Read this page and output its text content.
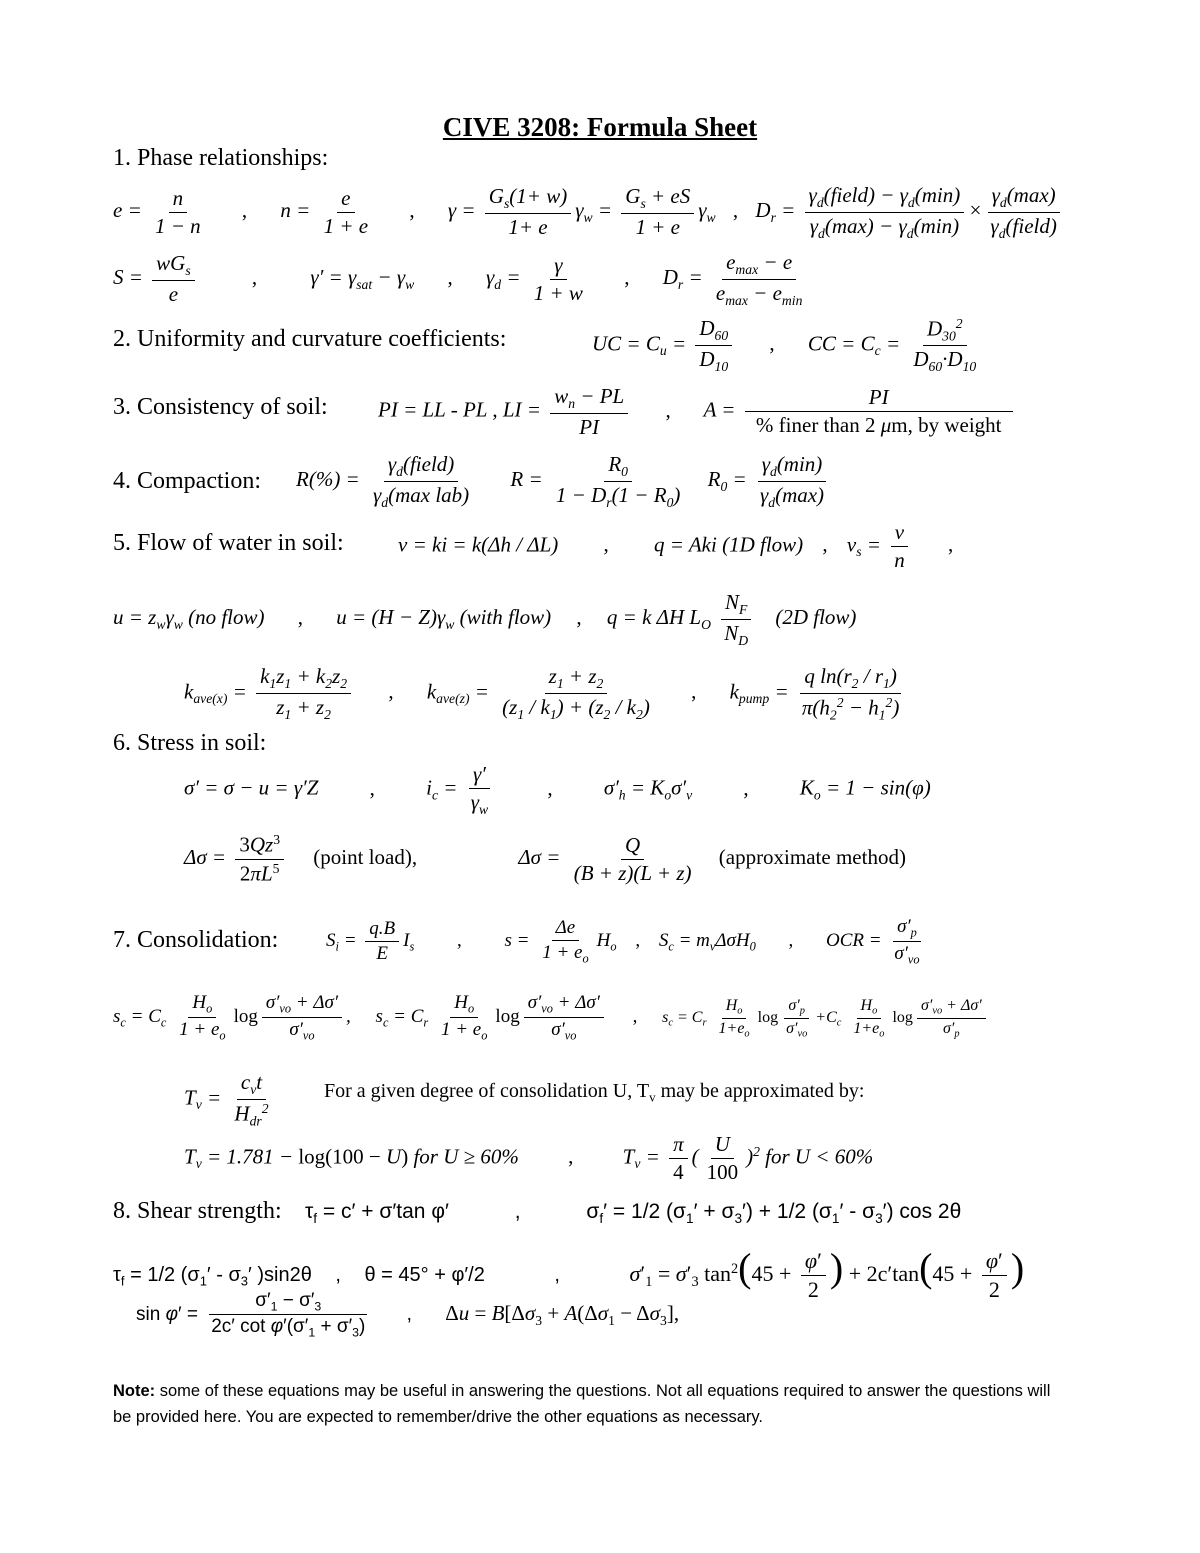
CIVE 3208: Formula Sheet
1. Phase relationships:
$e = \frac{n}{1 - n}$ , $n = \frac{e}{1 + e}$ , $\gamma = \frac{G_s(1+ w)}{1+ e} \gamma_w = \frac{G_s + eS}{1 + e} \gamma_w$ , $D_r = \frac{\gamma_d(field) - \gamma_d(\min)}{\gamma_d(\max) - \gamma_d(\min)} \times \frac{\gamma_d(\max)}{\gamma_d(field)}$
$S = \frac{wG_s}{e}$	, $\gamma' = \gamma_{sat} - \gamma_w$ , $\gamma_d = \frac{\gamma}{1 + w}$ , $D_r = \frac{e_{max} - e}{e_{max} - e_{min}}$
2. Uniformity and curvature coefficients:	UC = $C_u = \frac{D_{60}}{D_{10}}$ , CC = $C_c = \frac{D_{30}^2}{D_{60}\cdot D_{10}}$
3. Consistency of soil: PI = LL - PL , LI = $\frac{w_n - PL}{PI}$ , $A = \frac{PI}{\text{\% finer than 2 μm, by weight}}$
4. Compaction: $R(\%) = \frac{\gamma_d(field)}{\gamma_d(\max lab)}$ $R = \frac{R_0}{1 - D_r(1 - R_0)} R_0 = \frac{\gamma_d(\min)}{\gamma_d(\max)}$
5. Flow of water in soil:	v = ki = k(Δh / ΔL) , q = Aki (1D flow) , $v_s = \frac{v}{n}$ ,
$u = z_w\gamma_w$ (no flow) , $u = (H - Z)\gamma_w$ (with flow) , q = k ΔH $L_O \frac{N_F}{N_D} (2D$ flow)
$k_{ave(x)} = \frac{k_1z_1 + k_2z_2}{z_1 + z_2}$ , $k_{ave(z)} = \frac{z_1 + z_2}{(z_1 / k_1) + (z_2 / k_2)}$ , $k_{pump} = \frac{q \ln(r_2 / r_1)}{\pi(h_2^2 - h_1^2)}$
6. Stress in soil:
σ′ = σ − u = γ′Z , $i_c = \frac{\gamma'}{\gamma_w}$	, $\sigma'_h = K_o\sigma'_v$ , $K_o = 1 - \sin(\varphi)$
$\Delta\sigma = \frac{3Qz^3}{2\pi L^5}$ (point load),	$\Delta\sigma = \frac{Q}{(B + z)(L + z)}$ (approximate method)
7. Consolidation:	$S_i = \frac{q.B}{E} I_s$ , $s = \frac{\Delta e}{1 + e_o} H_o$ , $S_c = m_v\Delta\sigma H_0$ , OCR = $\frac{\sigma'_p}{\sigma'_{vo}}$
$s_c = C_c \frac{H_o}{1 + e_o}$ $\log \frac{\sigma'_{vo} + \Delta\sigma'}{\sigma'_{vo}}$ , $s_c = C_r \frac{H_o}{1 + e_o}$ $\log \frac{\sigma'_{vo} + \Delta\sigma'}{\sigma'_{vo}}$ , $s_c = C_r \frac{H_o}{1+e_o}$ $\log \frac{\sigma'_p}{\sigma'_{vo}} +C_c \frac{H_o}{1+e_o}$ $\log \frac{\sigma'_{vo} + \Delta\sigma'}{\sigma'_p}$
$T_v = \frac{c_vt}{H_{dr}^2}$	For a given degree of consolidation U, $T_v$ may be approximated by:
$T_v = 1.781 - \log(100 - U)$ for U ≥ 60% , $T_v = \frac{\pi}{4}$ ( $\frac{U}{100} )^2$ for U < 60%
8. Shear strength: $\tau_f = c' + \sigma'\tan$ φ′	,	$\sigma_f' = 1/2$ $(\sigma_1' + \sigma_3') + 1/2$ $(\sigma_1' - \sigma_3')$ cos 2θ
$\tau_f = 1/2$ ($\sigma_1' - \sigma_3'$ )sin2θ , θ = 45° + φ′/2	,	$\sigma'_1 = \sigma'_3$ $\tan^2(45 + \frac{\varphi'}{2}$ ) + $2c'\tan(45 + \frac{\varphi'}{2}$ )
$\sin \varphi' = \frac{\sigma'_1 - \sigma'_3}{2c' \cot \varphi'(\sigma'_1 + \sigma'_3)}$ , $\Delta u = B[\Delta\sigma_3 + A(\Delta\sigma_1 - \Delta\sigma_3]$,
Note: some of these equations may be useful in answering the questions. Not all equations required to answer the questions will be provided here. You are expected to remember/drive the other equations as necessary.
